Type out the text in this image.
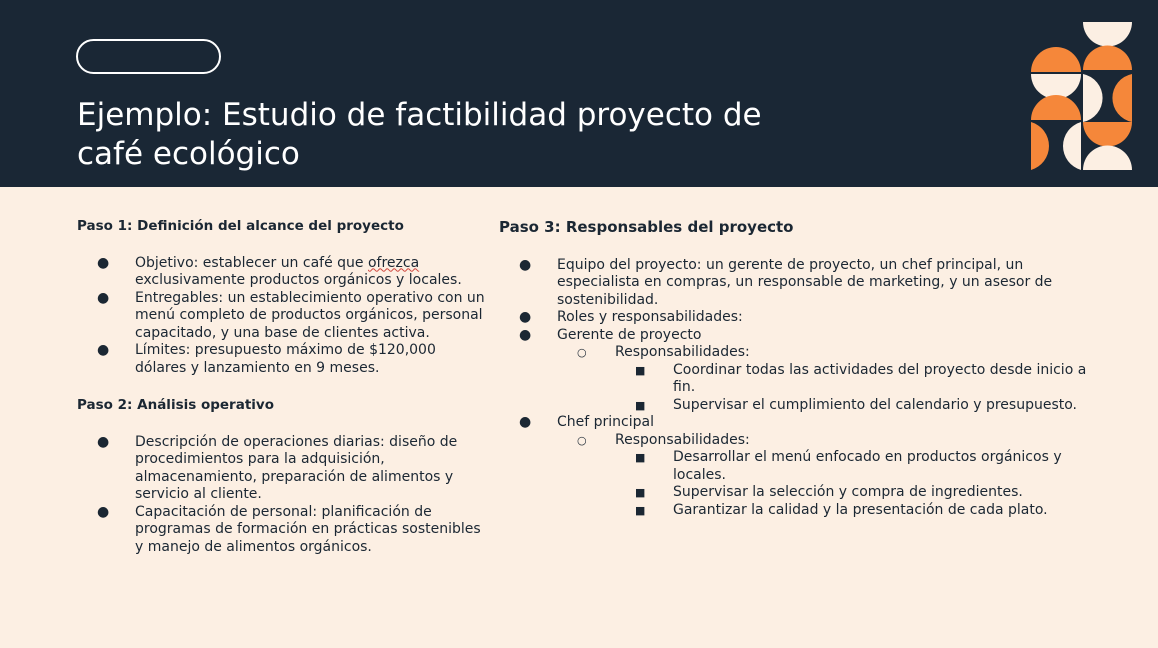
Ejemplo: Estudio de factibilidad proyecto de
café ecológico
Paso 1: Definición del alcance del proyecto
● Objetivo: establecer un café que ofrezca exclusivamente productos orgánicos y locales.
● Entregables: un establecimiento operativo con un menú completo de productos orgánicos, personal capacitado, y una base de clientes activa.
● Límites: presupuesto máximo de $120,000 dólares y lanzamiento en 9 meses.
Paso 2: Análisis operativo
● Descripción de operaciones diarias: diseño de procedimientos para la adquisición, almacenamiento, preparación de alimentos y servicio al cliente.
● Capacitación de personal: planificación de programas de formación en prácticas sostenibles y manejo de alimentos orgánicos.
Paso 3: Responsables del proyecto
● Equipo del proyecto: un gerente de proyecto, un chef principal, un especialista en compras, un responsable de marketing, y un asesor de sostenibilidad.
● Roles y responsabilidades:
● Gerente de proyecto
○ Responsabilidades:
■ Coordinar todas las actividades del proyecto desde inicio a fin.
■ Supervisar el cumplimiento del calendario y presupuesto.
● Chef principal
○ Responsabilidades:
■ Desarrollar el menú enfocado en productos orgánicos y locales.
■ Supervisar la selección y compra de ingredientes.
■ Garantizar la calidad y la presentación de cada plato.
